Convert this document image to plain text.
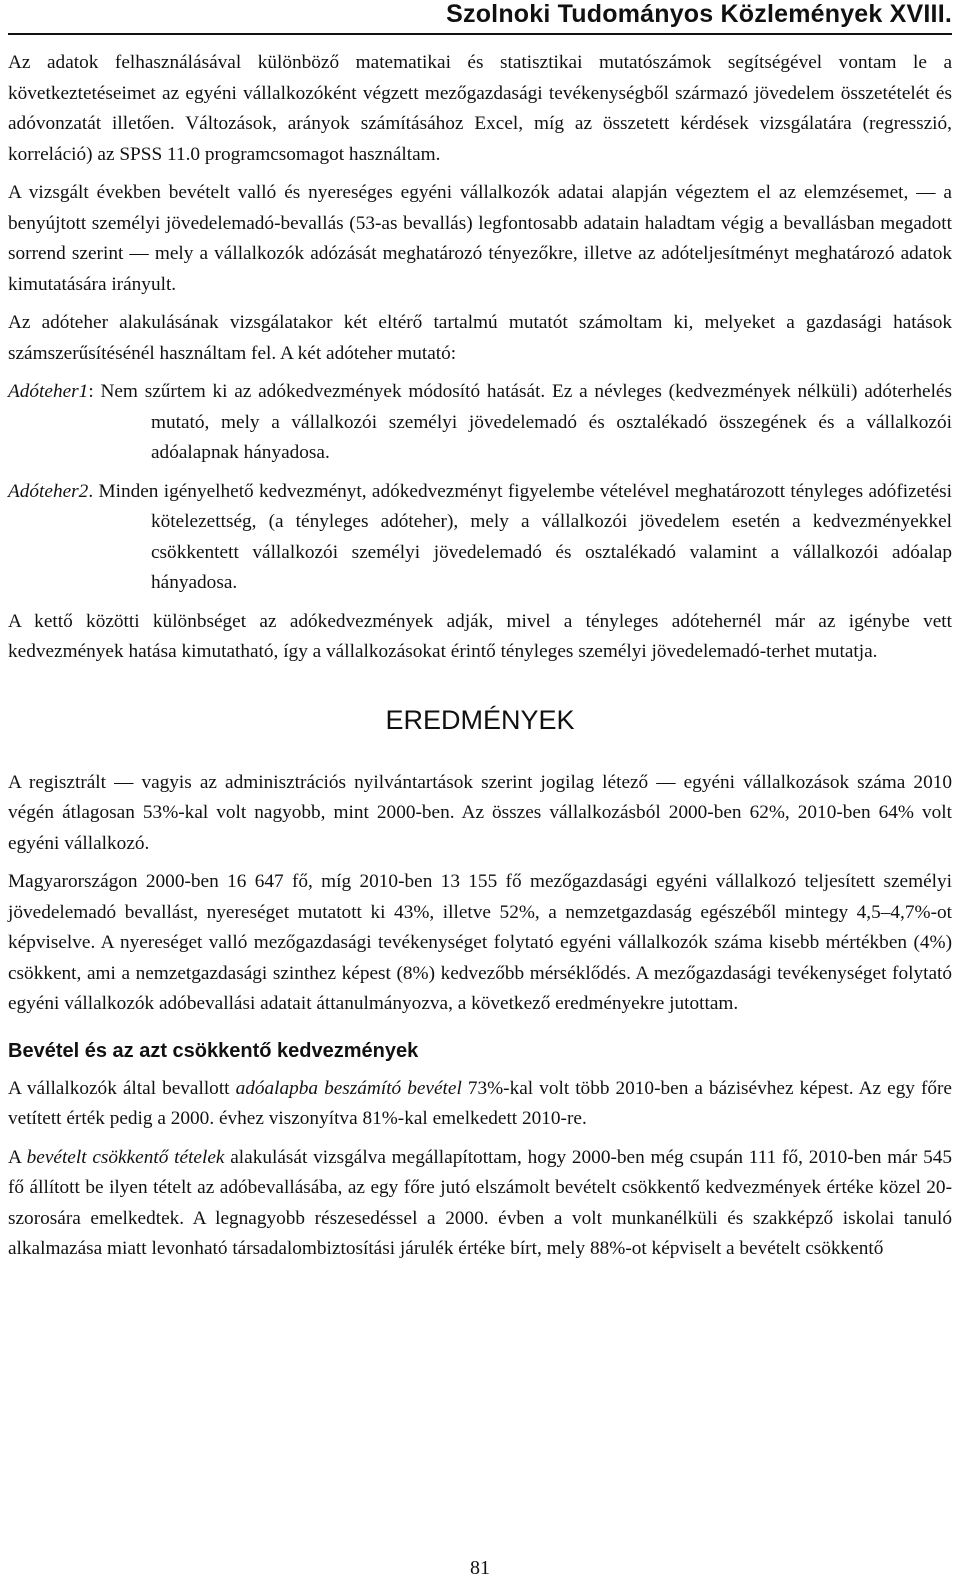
Szolnoki Tudományos Közlemények XVIII.

Az adatok felhasználásával különböző matematikai és statisztikai mutatószámok segítségével vontam le a következtetéseimet az egyéni vállalkozóként végzett mezőgazdasági tevékenységből származó jövedelem összetételét és adóvonzatát illetően. Változások, arányok számításához Excel, míg az összetett kérdések vizsgálatára (regresszió, korreláció) az SPSS 11.0 programcsomagot használtam.

A vizsgált években bevételt valló és nyereséges egyéni vállalkozók adatai alapján végeztem el az elemzésemet, — a benyújtott személyi jövedelemadó-bevallás (53-as bevallás) legfontosabb adatain haladtam végig a bevallásban megadott sorrend szerint — mely a vállalkozók adózását meghatározó tényezőkre, illetve az adóteljesítményt meghatározó adatok kimutatására irányult.

Az adóteher alakulásának vizsgálatakor két eltérő tartalmú mutatót számoltam ki, melyeket a gazdasági hatások számszerűsítésénél használtam fel. A két adóteher mutató:

Adóteher1: Nem szűrtem ki az adókedvezmények módosító hatását. Ez a névleges (kedvezmények nélküli) adóterhelés mutató, mely a vállalkozói személyi jövedelemadó és osztalékadó összegének és a vállalkozói adóalapnak hányadosa.

Adóteher2. Minden igényelhető kedvezményt, adókedvezményt figyelembe vételével meghatározott tényleges adófizetési kötelezettség, (a tényleges adóteher), mely a vállalkozói jövedelem esetén a kedvezményekkel csökkentett vállalkozói személyi jövedelemadó és osztalékadó valamint a vállalkozói adóalap hányadosa.

A kettő közötti különbséget az adókedvezmények adják, mivel a tényleges adótehernél már az igénybe vett kedvezmények hatása kimutatható, így a vállalkozásokat érintő tényleges személyi jövedelemadó-terhet mutatja.

EREDMÉNYEK

A regisztrált — vagyis az adminisztrációs nyilvántartások szerint jogilag létező — egyéni vállalkozások száma 2010 végén átlagosan 53%-kal volt nagyobb, mint 2000-ben. Az összes vállalkozásból 2000-ben 62%, 2010-ben 64% volt egyéni vállalkozó.

Magyarországon 2000-ben 16 647 fő, míg 2010-ben 13 155 fő mezőgazdasági egyéni vállalkozó teljesített személyi jövedelemadó bevallást, nyereséget mutatott ki 43%, illetve 52%, a nemzetgazdaság egészéből mintegy 4,5–4,7%-ot képviselve. A nyereséget valló mezőgazdasági tevékenységet folytató egyéni vállalkozók száma kisebb mértékben (4%) csökkent, ami a nemzetgazdasági szinthez képest (8%) kedvezőbb mérséklődés. A mezőgazdasági tevékenységet folytató egyéni vállalkozók adóbevallási adatait áttanulmányozva, a következő eredményekre jutottam.

Bevétel és az azt csökkentő kedvezmények

A vállalkozók által bevallott adóalapba beszámító bevétel 73%-kal volt több 2010-ben a bázisévhez képest. Az egy főre vetített érték pedig a 2000. évhez viszonyítva 81%-kal emelkedett 2010-re.

A bevételt csökkentő tételek alakulását vizsgálva megállapítottam, hogy 2000-ben még csupán 111 fő, 2010-ben már 545 fő állított be ilyen tételt az adóbevallásába, az egy főre jutó elszámolt bevételt csökkentő kedvezmények értéke közel 20-szorosára emelkedtek. A legnagyobb részesedéssel a 2000. évben a volt munkanélküli és szakképző iskolai tanuló alkalmazása miatt levonható társadalombiztosítási járulék értéke bírt, mely 88%-ot képviselt a bevételt csökkentő

81
